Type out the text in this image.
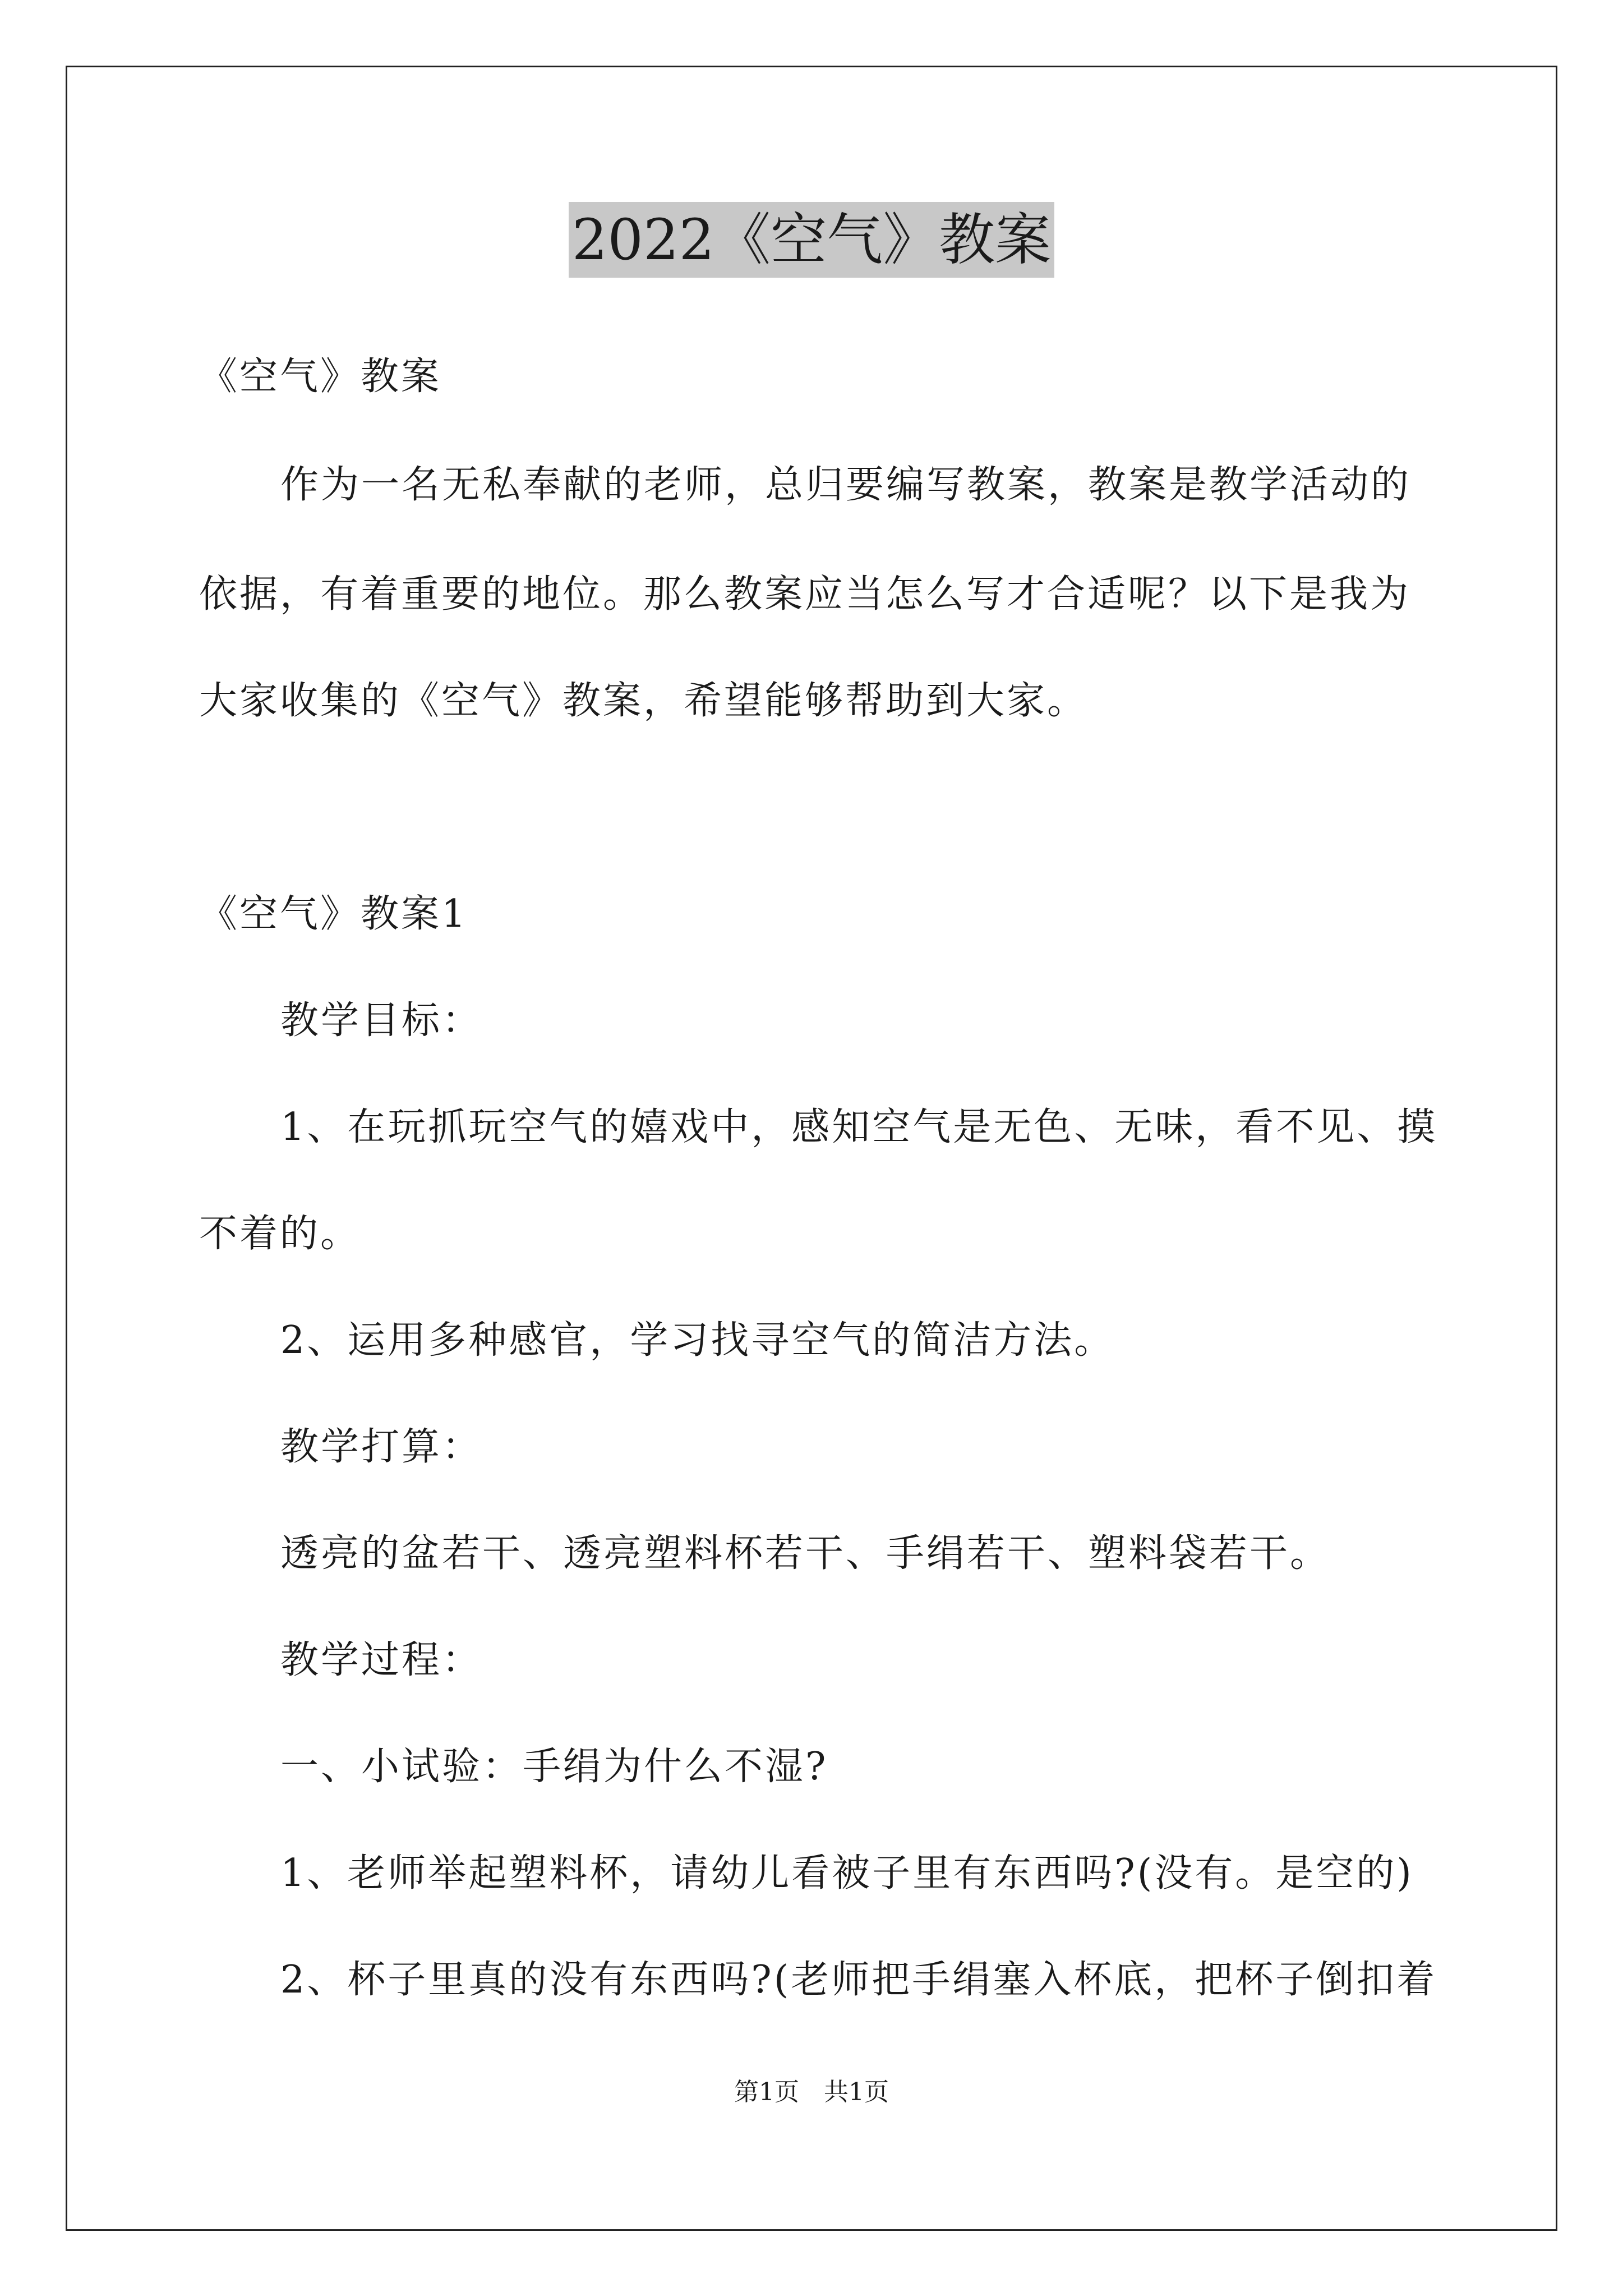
2022《空气》教案
《空气》教案
作为一名无私奉献的老师，总归要编写教案，教案是教学活动的
依据，有着重要的地位。那么教案应当怎么写才合适呢？以下是我为
大家收集的《空气》教案，希望能够帮助到大家。
《空气》教案1
教学目标：
1、在玩抓玩空气的嬉戏中，感知空气是无色、无味，看不见、摸
不着的。
2、运用多种感官，学习找寻空气的简洁方法。
教学打算：
透亮的盆若干、透亮塑料杯若干、手绢若干、塑料袋若干。
教学过程：
一、小试验：手绢为什么不湿?
1、老师举起塑料杯，请幼儿看被子里有东西吗?(没有。是空的)
2、杯子里真的没有东西吗?(老师把手绢塞入杯底，把杯子倒扣着
第1页　共1页
